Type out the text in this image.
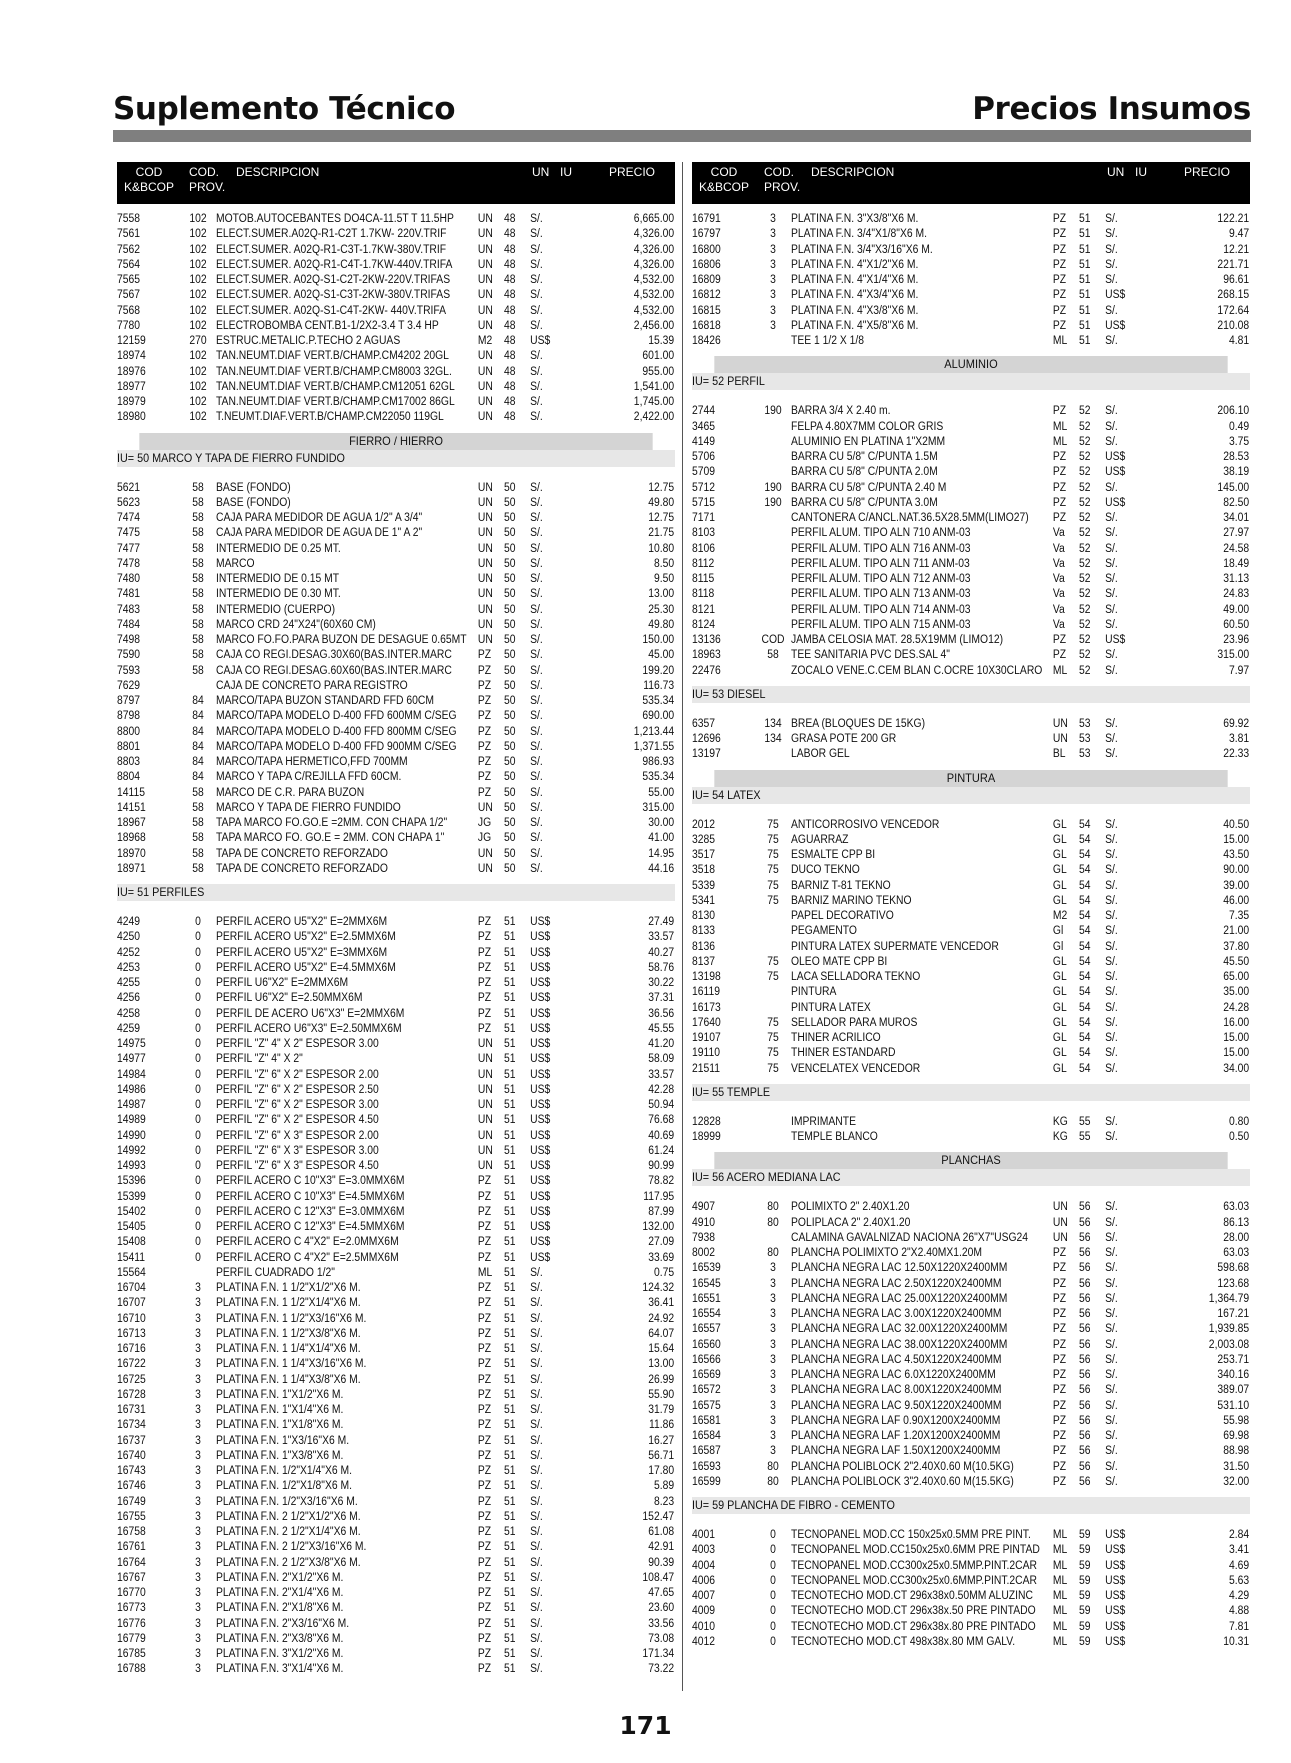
Suplemento Técnico	Precios Insumos
COD
K&BCOP
COD.
PROV.
DESCRIPCION	UN IU	PRECIO
7558	102 MOTOB.AUTOCEBANTES DO4CA-11.5T T 11.5HP UN 48 S/.	6,665.00
7561	102 ELECT.SUMER.A02Q-R1-C2T 1.7KW- 220V.TRIF	UN 48 S/.	4,326.00
7562	102 ELECT.SUMER. A02Q-R1-C3T-1.7KW-380V.TRIF	UN 48 S/.	4,326.00
7564	102 ELECT.SUMER. A02Q-R1-C4T-1.7KW-440V.TRIFA UN 48 S/.	4,326.00
7565	102 ELECT.SUMER. A02Q-S1-C2T-2KW-220V.TRIFAS UN 48 S/.	4,532.00
7567	102 ELECT.SUMER. A02Q-S1-C3T-2KW-380V.TRIFAS UN 48 S/.	4,532.00
7568	102 ELECT.SUMER. A02Q-S1-C4T-2KW- 440V.TRIFA	UN 48 S/.	4,532.00
7780	102 ELECTROBOMBA CENT.B1-1/2X2-3.4 T 3.4 HP	UN 48 S/.	2,456.00
12159	270 ESTRUC.METALIC.P.TECHO 2 AGUAS	M2 48 US$	15.39
18974	102 TAN.NEUMT.DIAF VERT.B/CHAMP.CM4202 20GL	UN 48 S/.	601.00
18976	102 TAN.NEUMT.DIAF VERT.B/CHAMP.CM8003 32GL. UN 48 S/.	955.00
18977	102 TAN.NEUMT.DIAF VERT.B/CHAMP.CM12051 62GL UN 48 S/.	1,541.00
18979	102 TAN.NEUMT.DIAF VERT.B/CHAMP.CM17002 86GL UN 48 S/.	1,745.00
18980	102 T.NEUMT.DIAF.VERT.B/CHAMP.CM22050 119GL	UN 48 S/.	2,422.00
FIERRO / HIERRO
IU= 50 MARCO Y TAPA DE FIERRO FUNDIDO
5621	58	BASE (FONDO)	UN 50 S/.	12.75
5623	58	BASE (FONDO)	UN 50 S/.	49.80
7474	58	CAJA PARA MEDIDOR DE AGUA 1/2" A 3/4"	UN 50 S/.	12.75
7475	58	CAJA PARA MEDIDOR DE AGUA DE 1" A 2"	UN 50 S/.	21.75
7477	58	INTERMEDIO DE 0.25 MT.	UN 50 S/.	10.80
7478	58	MARCO	UN 50 S/.	8.50
7480	58	INTERMEDIO DE 0.15 MT	UN 50 S/.	9.50
7481	58	INTERMEDIO DE 0.30 MT.	UN 50 S/.	13.00
7483	58	INTERMEDIO (CUERPO)	UN 50 S/.	25.30
7484	58	MARCO CRD 24"X24"(60X60 CM)	UN 50 S/.	49.80
7498	58	MARCO FO.FO.PARA BUZON DE DESAGUE 0.65MT UN 50 S/.	150.00
7590	58	CAJA CO REGI.DESAG.30X60(BAS.INTER.MARC PZ 50 S/.	45.00
7593	58	CAJA CO REGI.DESAG.60X60(BAS.INTER.MARC PZ 50 S/.	199.20
7629	CAJA DE CONCRETO PARA REGISTRO	PZ 50 S/.	116.73
8797	84	MARCO/TAPA BUZON STANDARD FFD 60CM	PZ 50 S/.	535.34
8798	84	MARCO/TAPA MODELO D-400 FFD 600MM C/SEG PZ 50 S/.	690.00
8800	84	MARCO/TAPA MODELO D-400 FFD 800MM C/SEG PZ 50 S/.	1,213.44
8801	84	MARCO/TAPA MODELO D-400 FFD 900MM C/SEG PZ 50 S/.	1,371.55
8803	84	MARCO/TAPA HERMETICO,FFD 700MM	PZ 50 S/.	986.93
8804	84	MARCO Y TAPA C/REJILLA FFD 60CM.	PZ 50 S/.	535.34
14115	58	MARCO DE C.R. PARA BUZON	PZ 50 S/.	55.00
14151	58	MARCO Y TAPA DE FIERRO FUNDIDO	UN 50 S/.	315.00
18967	58	TAPA MARCO FO.GO.E =2MM. CON CHAPA 1/2"	JG 50 S/.	30.00
18968	58	TAPA MARCO FO. GO.E = 2MM. CON CHAPA 1"	JG 50 S/.	41.00
18970	58	TAPA DE CONCRETO REFORZADO	UN 50 S/.	14.95
18971	58	TAPA DE CONCRETO REFORZADO	UN 50 S/.	44.16
IU= 51 PERFILES
4249	0	PERFIL ACERO U5"X2" E=2MMX6M	PZ 51 US$	27.49
4250	0	PERFIL ACERO U5"X2" E=2.5MMX6M	PZ 51 US$	33.57
4252	0	PERFIL ACERO U5"X2" E=3MMX6M	PZ 51 US$	40.27
4253	0	PERFIL ACERO U5"X2" E=4.5MMX6M	PZ 51 US$	58.76
4255	0	PERFIL U6"X2" E=2MMX6M	PZ 51 US$	30.22
4256	0	PERFIL U6"X2" E=2.50MMX6M	PZ 51 US$	37.31
4258	0	PERFIL DE ACERO U6"X3" E=2MMX6M	PZ 51 US$	36.56
4259	0	PERFIL ACERO U6"X3" E=2.50MMX6M	PZ 51 US$	45.55
14975	0	PERFIL "Z" 4" X 2" ESPESOR 3.00	UN 51 US$	41.20
14977	0	PERFIL "Z" 4" X 2"	UN 51 US$	58.09
14984	0	PERFIL "Z" 6" X 2" ESPESOR 2.00	UN 51 US$	33.57
14986	0	PERFIL "Z" 6" X 2" ESPESOR 2.50	UN 51 US$	42.28
14987	0	PERFIL "Z" 6" X 2" ESPESOR 3.00	UN 51 US$	50.94
14989	0	PERFIL "Z" 6" X 2" ESPESOR 4.50	UN 51 US$	76.68
14990	0	PERFIL "Z" 6" X 3" ESPESOR 2.00	UN 51 US$	40.69
14992	0	PERFIL "Z" 6" X 3" ESPESOR 3.00	UN 51 US$	61.24
14993	0	PERFIL "Z" 6" X 3" ESPESOR 4.50	UN 51 US$	90.99
15396	0	PERFIL ACERO C 10"X3" E=3.0MMX6M	PZ 51 US$	78.82
15399	0	PERFIL ACERO C 10"X3" E=4.5MMX6M	PZ 51 US$	117.95
15402	0	PERFIL ACERO C 12"X3" E=3.0MMX6M	PZ 51 US$	87.99
15405	0	PERFIL ACERO C 12"X3" E=4.5MMX6M	PZ 51 US$	132.00
15408	0	PERFIL ACERO C 4"X2" E=2.0MMX6M	PZ 51 US$	27.09
15411	0	PERFIL ACERO C 4"X2" E=2.5MMX6M	PZ 51 US$	33.69
15564	PERFIL CUADRADO 1/2"	ML 51 S/.	0.75
16704	3	PLATINA F.N. 1 1/2"X1/2"X6 M.	PZ 51 S/.	124.32
16707	3	PLATINA F.N. 1 1/2"X1/4"X6 M.	PZ 51 S/.	36.41
16710	3	PLATINA F.N. 1 1/2"X3/16"X6 M.	PZ 51 S/.	24.92
16713	3	PLATINA F.N. 1 1/2"X3/8"X6 M.	PZ 51 S/.	64.07
16716	3	PLATINA F.N. 1 1/4"X1/4"X6 M.	PZ 51 S/.	15.64
16722	3	PLATINA F.N. 1 1/4"X3/16"X6 M.	PZ 51 S/.	13.00
16725	3	PLATINA F.N. 1 1/4"X3/8"X6 M.	PZ 51 S/.	26.99
16728	3	PLATINA F.N. 1"X1/2"X6 M.	PZ 51 S/.	55.90
16731	3	PLATINA F.N. 1"X1/4"X6 M.	PZ 51 S/.	31.79
16734	3	PLATINA F.N. 1"X1/8"X6 M.	PZ 51 S/.	11.86
16737	3	PLATINA F.N. 1"X3/16"X6 M.	PZ 51 S/.	16.27
16740	3	PLATINA F.N. 1"X3/8"X6 M.	PZ 51 S/.	56.71
16743	3	PLATINA F.N. 1/2"X1/4"X6 M.	PZ 51 S/.	17.80
16746	3	PLATINA F.N. 1/2"X1/8"X6 M.	PZ 51 S/.	5.89
16749	3	PLATINA F.N. 1/2"X3/16"X6 M.	PZ 51 S/.	8.23
16755	3	PLATINA F.N. 2 1/2"X1/2"X6 M.	PZ 51 S/.	152.47
16758	3	PLATINA F.N. 2 1/2"X1/4"X6 M.	PZ 51 S/.	61.08
16761	3	PLATINA F.N. 2 1/2"X3/16"X6 M.	PZ 51 S/.	42.91
16764	3	PLATINA F.N. 2 1/2"X3/8"X6 M.	PZ 51 S/.	90.39
16767	3	PLATINA F.N. 2"X1/2"X6 M.	PZ 51 S/.	108.47
16770	3	PLATINA F.N. 2"X1/4"X6 M.	PZ 51 S/.	47.65
16773	3	PLATINA F.N. 2"X1/8"X6 M.	PZ 51 S/.	23.60
16776	3	PLATINA F.N. 2"X3/16"X6 M.	PZ 51 S/.	33.56
16779	3	PLATINA F.N. 2"X3/8"X6 M.	PZ 51 S/.	73.08
16785	3	PLATINA F.N. 3"X1/2"X6 M.	PZ 51 S/.	171.34
16788	3	PLATINA F.N. 3"X1/4"X6 M.	PZ 51 S/.	73.22
COD
K&BCOP
COD.
PROV.
DESCRIPCION	UN IU	PRECIO
16791	3	PLATINA F.N. 3"X3/8"X6 M.	PZ 51 S/.	122.21
16797	3	PLATINA F.N. 3/4"X1/8"X6 M.	PZ 51 S/.	9.47
16800	3	PLATINA F.N. 3/4"X3/16"X6 M.	PZ 51 S/.	12.21
16806	3	PLATINA F.N. 4"X1/2"X6 M.	PZ 51 S/.	221.71
16809	3	PLATINA F.N. 4"X1/4"X6 M.	PZ 51 S/.	96.61
16812	3	PLATINA F.N. 4"X3/4"X6 M.	PZ 51 US$	268.15
16815	3	PLATINA F.N. 4"X3/8"X6 M.	PZ 51 S/.	172.64
16818	3	PLATINA F.N. 4"X5/8"X6 M.	PZ 51 US$	210.08
18426	TEE 1 1/2 X 1/8	ML 51 S/.	4.81
ALUMINIO
IU= 52 PERFIL
2744	190 BARRA 3/4 X 2.40 m.	PZ 52 S/.	206.10
3465	FELPA 4.80X7MM COLOR GRIS	ML 52 S/.	0.49
4149	ALUMINIO EN PLATINA 1"X2MM	ML 52 S/.	3.75
5706	BARRA CU 5/8" C/PUNTA 1.5M	PZ 52 US$	28.53
5709	BARRA CU 5/8" C/PUNTA 2.0M	PZ 52 US$	38.19
5712	190 BARRA CU 5/8" C/PUNTA 2.40 M	PZ 52 S/.	145.00
5715	190 BARRA CU 5/8" C/PUNTA 3.0M	PZ 52 US$	82.50
7171	CANTONERA C/ANCL.NAT.36.5X28.5MM(LIMO27) PZ 52 S/.	34.01
8103	PERFIL ALUM. TIPO ALN 710 ANM-03	Va 52 S/.	27.97
8106	PERFIL ALUM. TIPO ALN 716 ANM-03	Va 52 S/.	24.58
8112	PERFIL ALUM. TIPO ALN 711 ANM-03	Va 52 S/.	18.49
8115	PERFIL ALUM. TIPO ALN 712 ANM-03	Va 52 S/.	31.13
8118	PERFIL ALUM. TIPO ALN 713 ANM-03	Va 52 S/.	24.83
8121	PERFIL ALUM. TIPO ALN 714 ANM-03	Va 52 S/.	49.00
8124	PERFIL ALUM. TIPO ALN 715 ANM-03	Va 52 S/.	60.50
13136	COD JAMBA CELOSIA MAT. 28.5X19MM (LIMO12)	PZ 52 US$	23.96
18963	58	TEE SANITARIA PVC DES.SAL 4"	PZ 52 S/.	315.00
22476	ZOCALO VENE.C.CEM BLAN C.OCRE 10X30CLARO ML 52 S/.	7.97
IU= 53 DIESEL
6357	134 BREA (BLOQUES DE 15KG)	UN 53 S/.	69.92
12696	134 GRASA POTE 200 GR	UN 53 S/.	3.81
13197	LABOR GEL	BL 53 S/.	22.33
PINTURA
IU= 54 LATEX
2012	75	ANTICORROSIVO VENCEDOR	GL 54 S/.	40.50
3285	75	AGUARRAZ	GL 54 S/.	15.00
3517	75	ESMALTE CPP BI	GL 54 S/.	43.50
3518	75	DUCO TEKNO	GL 54 S/.	90.00
5339	75	BARNIZ T-81 TEKNO	GL 54 S/.	39.00
5341	75	BARNIZ MARINO TEKNO	GL 54 S/.	46.00
8130	PAPEL DECORATIVO	M2 54 S/.	7.35
8133	PEGAMENTO	Gl 54 S/.	21.00
8136	PINTURA LATEX SUPERMATE VENCEDOR	Gl 54 S/.	37.80
8137	75	OLEO MATE CPP BI	GL 54 S/.	45.50
13198	75	LACA SELLADORA TEKNO	GL 54 S/.	65.00
16119	PINTURA	GL 54 S/.	35.00
16173	PINTURA LATEX	GL 54 S/.	24.28
17640	75	SELLADOR PARA MUROS	GL 54 S/.	16.00
19107	75	THINER ACRILICO	GL 54 S/.	15.00
19110	75	THINER ESTANDARD	GL 54 S/.	15.00
21511	75	VENCELATEX VENCEDOR	GL 54 S/.	34.00
IU= 55 TEMPLE
12828	IMPRIMANTE	KG 55 S/.	0.80
18999	TEMPLE BLANCO	KG 55 S/.	0.50
PLANCHAS
IU= 56 ACERO MEDIANA LAC
4907	80	POLIMIXTO 2" 2.40X1.20	UN 56 S/.	63.03
4910	80	POLIPLACA 2" 2.40X1.20	UN 56 S/.	86.13
7938	CALAMINA GAVALNIZAD NACIONA 26"X7"USG24 UN 56 S/.	28.00
8002	80	PLANCHA POLIMIXTO 2"X2.40MX1.20M	PZ 56 S/.	63.03
16539	3	PLANCHA NEGRA LAC 12.50X1220X2400MM	PZ 56 S/.	598.68
16545	3	PLANCHA NEGRA LAC 2.50X1220X2400MM	PZ 56 S/.	123.68
16551	3	PLANCHA NEGRA LAC 25.00X1220X2400MM	PZ 56 S/.	1,364.79
16554	3	PLANCHA NEGRA LAC 3.00X1220X2400MM	PZ 56 S/.	167.21
16557	3	PLANCHA NEGRA LAC 32.00X1220X2400MM	PZ 56 S/.	1,939.85
16560	3	PLANCHA NEGRA LAC 38.00X1220X2400MM	PZ 56 S/.	2,003.08
16566	3	PLANCHA NEGRA LAC 4.50X1220X2400MM	PZ 56 S/.	253.71
16569	3	PLANCHA NEGRA LAC 6.0X1220X2400MM	PZ 56 S/.	340.16
16572	3	PLANCHA NEGRA LAC 8.00X1220X2400MM	PZ 56 S/.	389.07
16575	3	PLANCHA NEGRA LAC 9.50X1220X2400MM	PZ 56 S/.	531.10
16581	3	PLANCHA NEGRA LAF 0.90X1200X2400MM	PZ 56 S/.	55.98
16584	3	PLANCHA NEGRA LAF 1.20X1200X2400MM	PZ 56 S/.	69.98
16587	3	PLANCHA NEGRA LAF 1.50X1200X2400MM	PZ 56 S/.	88.98
16593	80	PLANCHA POLIBLOCK 2"2.40X0.60 M(10.5KG)	PZ 56 S/.	31.50
16599	80	PLANCHA POLIBLOCK 3"2.40X0.60 M(15.5KG)	PZ 56 S/.	32.00
IU= 59 PLANCHA DE FIBRO - CEMENTO
4001	0	TECNOPANEL MOD.CC 150x25x0.5MM PRE PINT. ML 59 US$	2.84
4003	0	TECNOPANEL MOD.CC150x25x0.6MM PRE PINTAD ML 59 US$	3.41
4004	0	TECNOPANEL MOD.CC300x25x0.5MMP.PINT.2CAR ML 59 US$	4.69
4006	0	TECNOPANEL MOD.CC300x25x0.6MMP.PINT.2CAR ML 59 US$	5.63
4007	0	TECNOTECHO MOD.CT 296x38x0.50MM ALUZINC ML 59 US$	4.29
4009	0	TECNOTECHO MOD.CT 296x38x.50 PRE PINTADO ML 59 US$	4.88
4010	0	TECNOTECHO MOD.CT 296x38x.80 PRE PINTADO ML 59 US$	7.81
4012	0	TECNOTECHO MOD.CT 498x38x.80 MM GALV.	ML 59 US$	10.31
171
